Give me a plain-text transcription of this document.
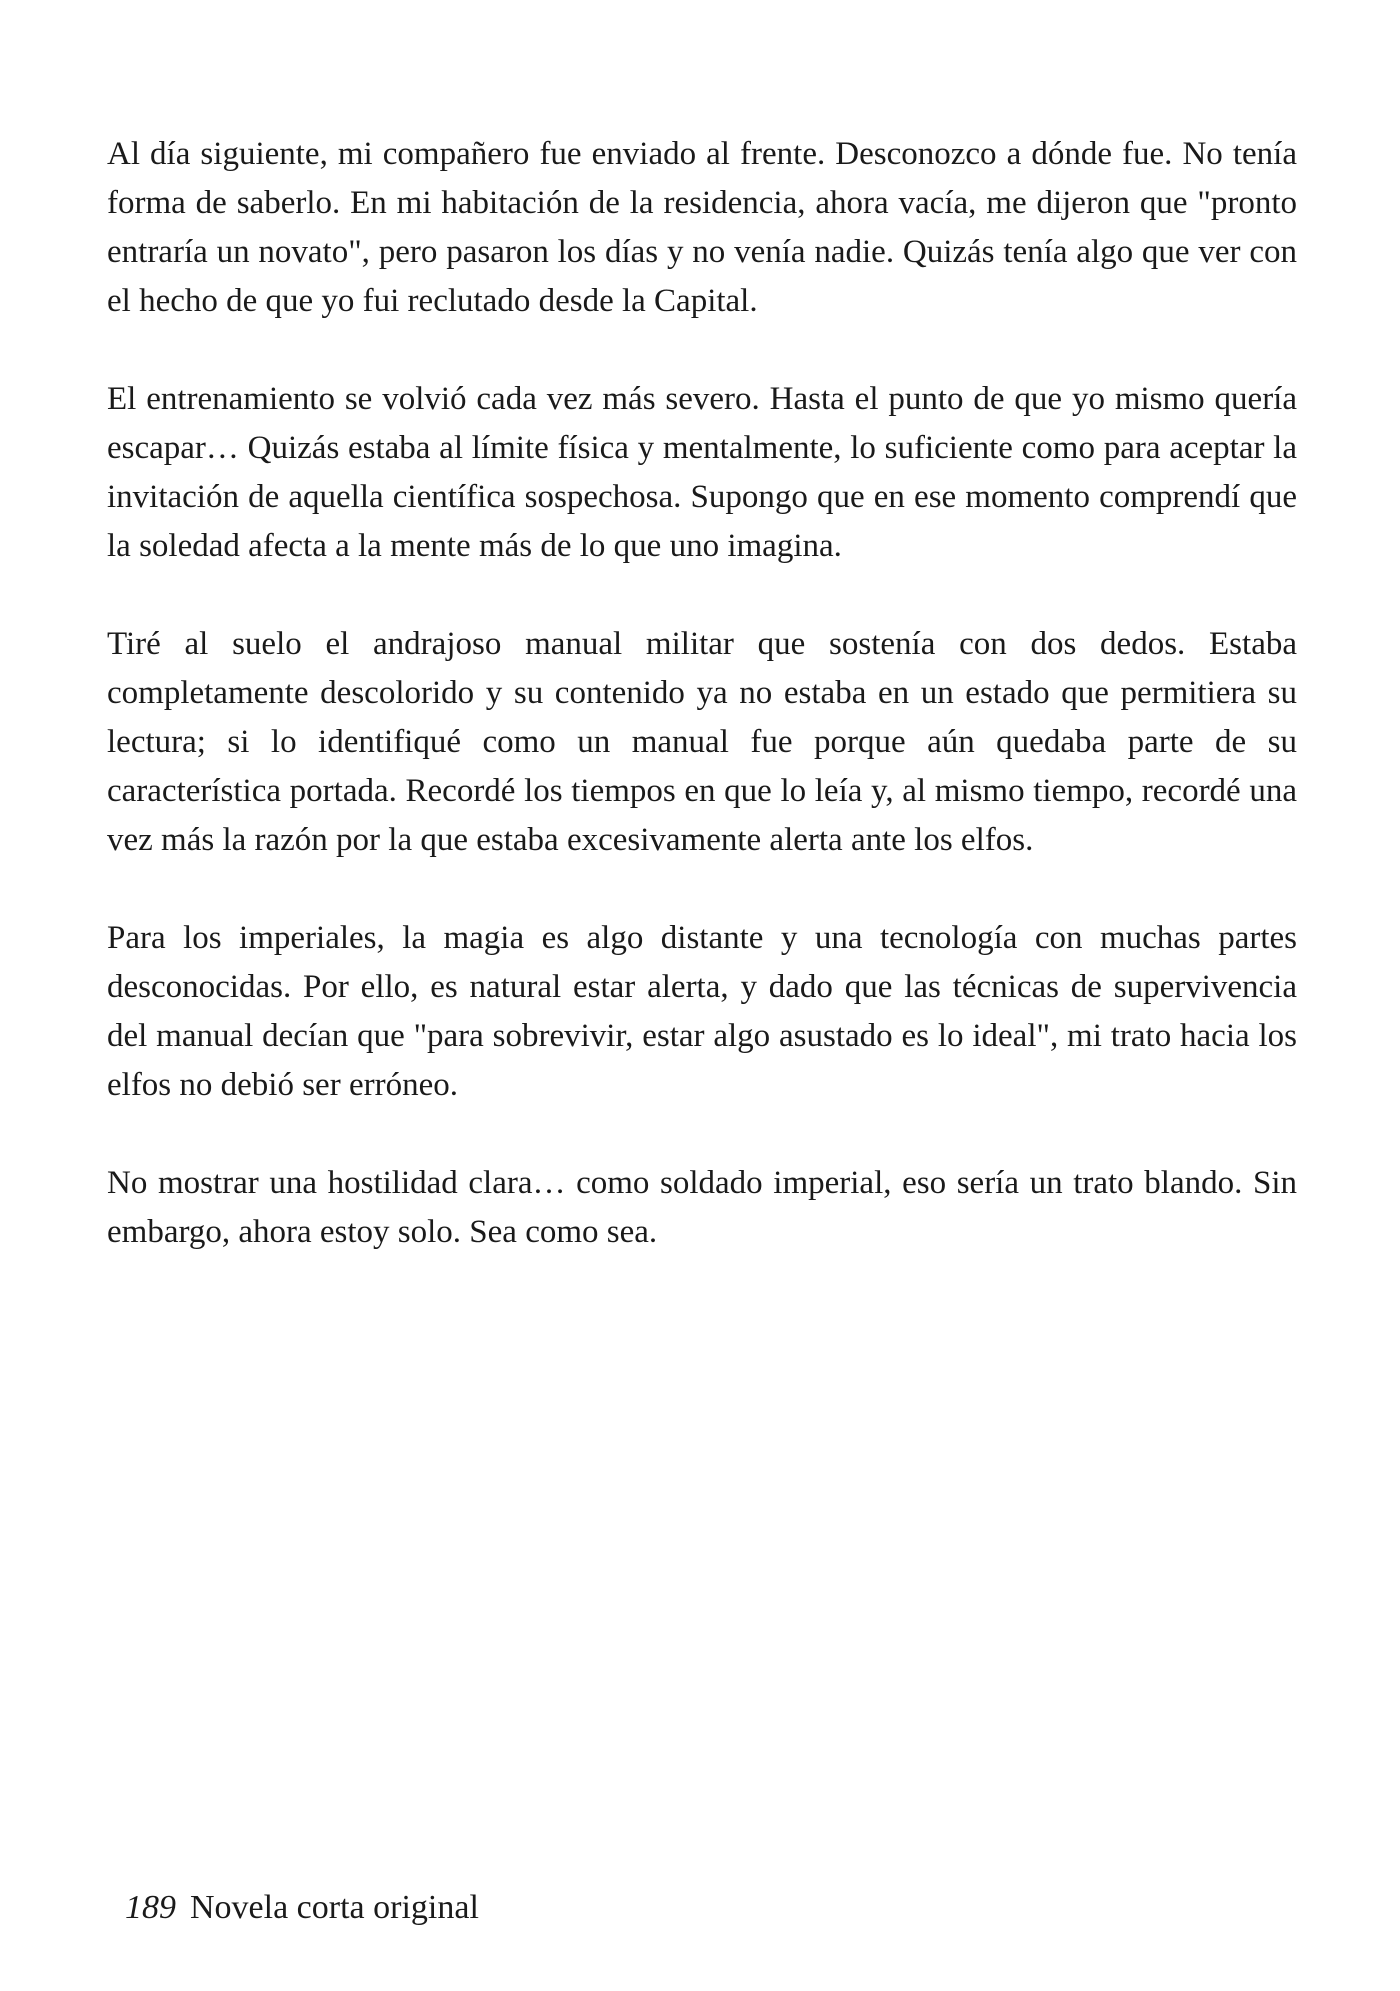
Al día siguiente, mi compañero fue enviado al frente. Desconozco a dónde fue. No tenía forma de saberlo. En mi habitación de la residencia, ahora vacía, me dijeron que "pronto entraría un novato", pero pasaron los días y no venía nadie. Quizás tenía algo que ver con el hecho de que yo fui reclutado desde la Capital.

El entrenamiento se volvió cada vez más severo. Hasta el punto de que yo mismo quería escapar… Quizás estaba al límite física y mentalmente, lo suficiente como para aceptar la invitación de aquella científica sospechosa. Supongo que en ese momento comprendí que la soledad afecta a la mente más de lo que uno imagina.

Tiré al suelo el andrajoso manual militar que sostenía con dos dedos. Estaba completamente descolorido y su contenido ya no estaba en un estado que permitiera su lectura; si lo identifiqué como un manual fue porque aún quedaba parte de su característica portada. Recordé los tiempos en que lo leía y, al mismo tiempo, recordé una vez más la razón por la que estaba excesivamente alerta ante los elfos.

Para los imperiales, la magia es algo distante y una tecnología con muchas partes desconocidas. Por ello, es natural estar alerta, y dado que las técnicas de supervivencia del manual decían que "para sobrevivir, estar algo asustado es lo ideal", mi trato hacia los elfos no debió ser erróneo.

No mostrar una hostilidad clara… como soldado imperial, eso sería un trato blando. Sin embargo, ahora estoy solo. Sea como sea.

189 Novela corta original
